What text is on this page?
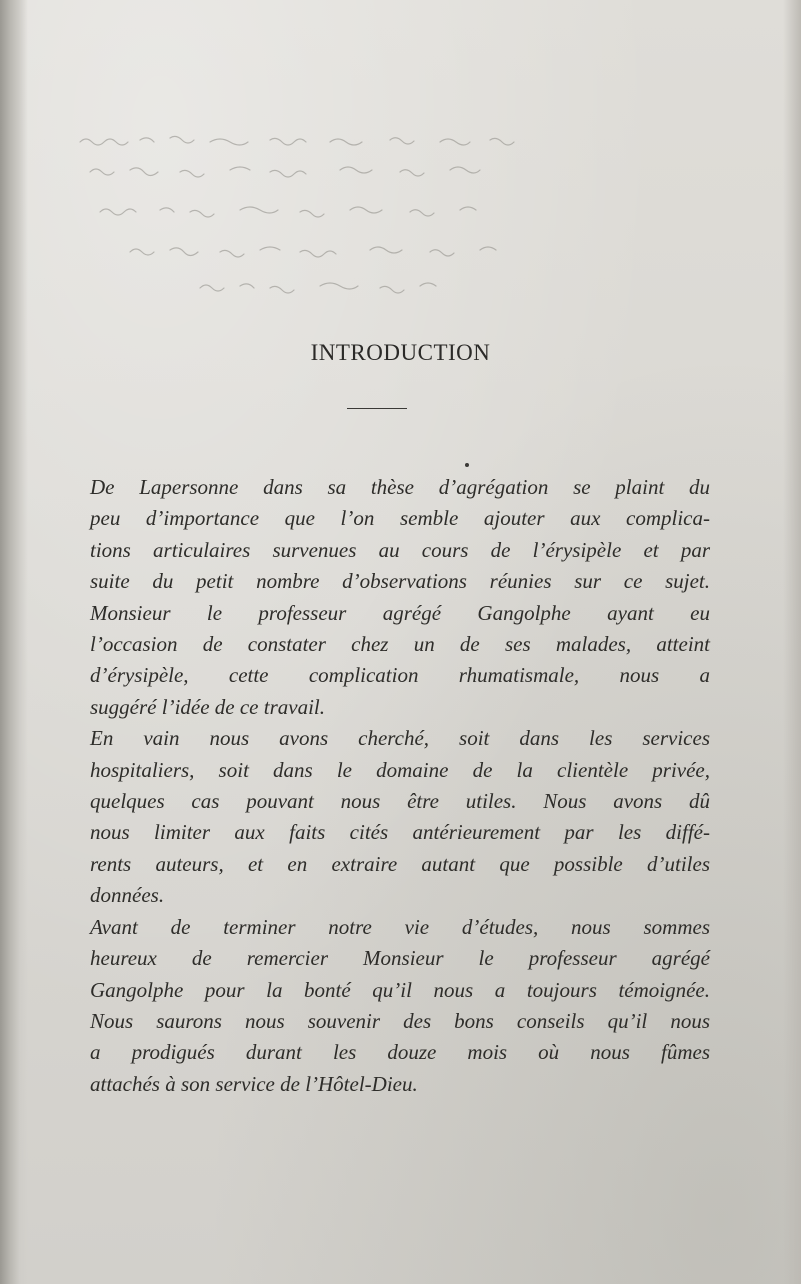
INTRODUCTION
De Lapersonne dans sa thèse d’agrégation se plaint du
peu d’importance que l’on semble ajouter aux complica-
tions articulaires survenues au cours de l’érysipèle et par
suite du petit nombre d’observations réunies sur ce sujet.
Monsieur le professeur agrégé Gangolphe ayant eu
l’occasion de constater chez un de ses malades, atteint
d’érysipèle, cette complication rhumatismale, nous a
suggéré l’idée de ce travail.
En vain nous avons cherché, soit dans les services
hospitaliers, soit dans le domaine de la clientèle privée,
quelques cas pouvant nous être utiles. Nous avons dû
nous limiter aux faits cités antérieurement par les diffé-
rents auteurs, et en extraire autant que possible d’utiles
données.
Avant de terminer notre vie d’études, nous sommes
heureux de remercier Monsieur le professeur agrégé
Gangolphe pour la bonté qu’il nous a toujours témoignée.
Nous saurons nous souvenir des bons conseils qu’il nous
a prodigués durant les douze mois où nous fûmes
attachés à son service de l’Hôtel-Dieu.
